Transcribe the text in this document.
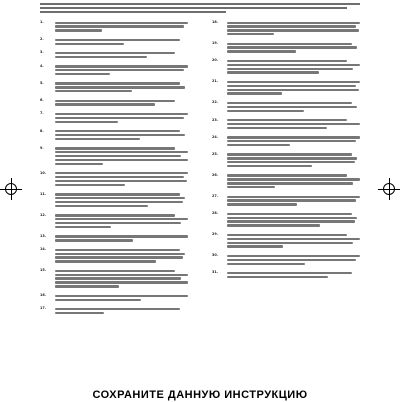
1.
2.
3.
4.
5.
6.
7.
8.
9.
10.
11.
12.
13.
14.
15.
16.
17.
18.
19.
20.
21.
22.
23.
24.
25.
26.
27.
28.
29.
30.
31.
СОХРАНИТЕ ДАННУЮ ИНСТРУКЦИЮ
